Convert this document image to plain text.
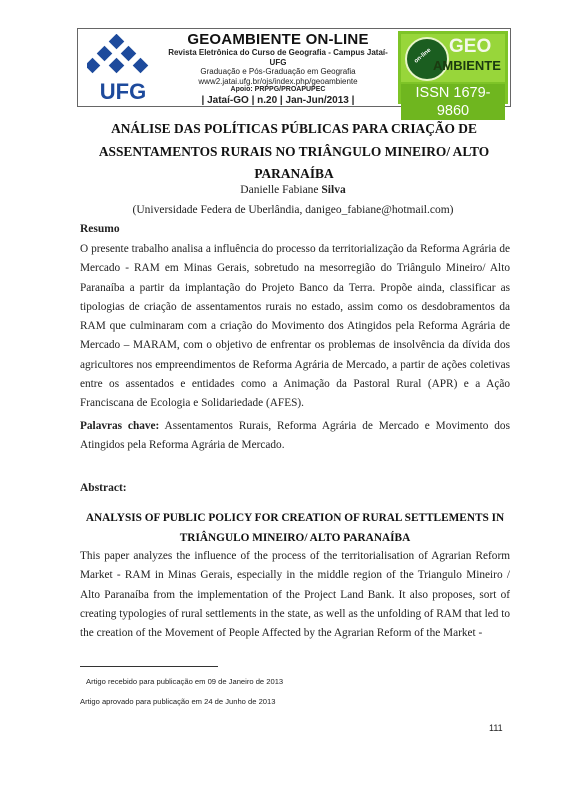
UFG
GEOAMBIENTE ON-LINE
Revista Eletrônica do Curso de Geografia - Campus Jataí- UFG
Graduação e Pós-Graduação em Geografia
www2.jatai.ufg.br/ojs/index.php/geoambiente
Apoio: PRPPG/PROAPUPEC
| Jataí-GO | n.20 | Jan-Jun/2013 |
on-line GEO
AMBIENTE
ISSN 1679-9860
ANÁLISE DAS POLÍTICAS PÚBLICAS PARA CRIAÇÃO DE ASSENTAMENTOS RURAIS NO TRIÂNGULO MINEIRO/ ALTO PARANAÍBA
Danielle Fabiane Silva
(Universidade Federa de Uberlândia, danigeo_fabiane@hotmail.com)
Resumo

O presente trabalho analisa a influência do processo da territorialização da Reforma Agrária de Mercado - RAM em Minas Gerais, sobretudo na mesorregião do Triângulo Mineiro/ Alto Paranaíba a partir da implantação do Projeto Banco da Terra. Propõe ainda, classificar as tipologias de criação de assentamentos rurais no estado, assim como os desdobramentos da RAM que culminaram com a criação do Movimento dos Atingidos pela Reforma Agrária de Mercado – MARAM, com o objetivo de enfrentar os problemas de insolvência da dívida dos agricultores nos empreendimentos de Reforma Agrária de Mercado, a partir de ações coletivas entre os assentados e entidades como a Animação da Pastoral Rural (APR) e a Ação Franciscana de Ecologia e Solidariedade (AFES).

Palavras chave: Assentamentos Rurais, Reforma Agrária de Mercado e Movimento dos Atingidos pela Reforma Agrária de Mercado.

Abstract:
ANALYSIS OF PUBLIC POLICY FOR CREATION OF RURAL SETTLEMENTS IN TRIÂNGULO MINEIRO/ ALTO PARANAÍBA

This paper analyzes the influence of the process of the territorialisation of Agrarian Reform Market - RAM in Minas Gerais, especially in the middle region of the Triangulo Mineiro / Alto Paranaíba from the implementation of the Project Land Bank. It also proposes, sort of creating typologies of rural settlements in the state, as well as the unfolding of RAM that led to the creation of the Movement of People Affected by the Agrarian Reform of the Market -

Artigo recebido para publicação em 09 de Janeiro de 2013
Artigo aprovado para publicação em 24 de Junho de 2013
111
